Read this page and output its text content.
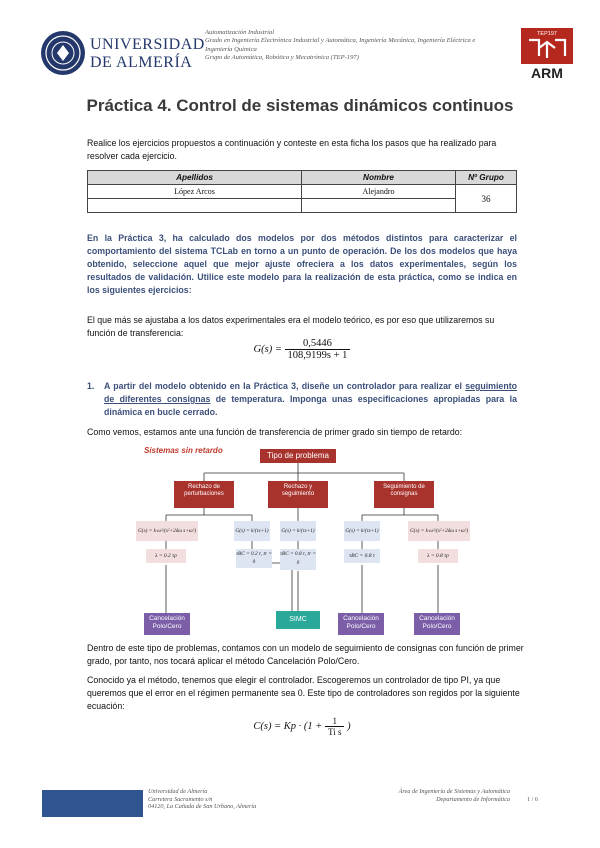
UNIVERSIDAD
DE ALMERÍA
Automatización Industrial
Grado en Ingeniería Electrónica Industrial y Automática, Ingeniería Mecánica, Ingeniería Eléctrica e
Ingeniería Química
Grupo de Automática, Robótica y Mecatrónica (TEP-197)
TEP197
ARM
Práctica 4. Control de sistemas dinámicos continuos
Realice los ejercicios propuestos a continuación y conteste en esta ficha los pasos que ha realizado para resolver cada ejercicio.
Apellidos	Nombre	Nº Grupo
López Arcos	Alejandro	36

En la Práctica 3, ha calculado dos modelos por dos métodos distintos para caracterizar el comportamiento del sistema TCLab en torno a un punto de operación. De los dos modelos que haya obtenido, seleccione aquel que mejor ajuste ofreciera a los datos experimentales, según los resultados de validación. Utilice este modelo para la realización de esta práctica, como se indica en los siguientes ejercicios:
El que más se ajustaba a los datos experimentales era el modelo teórico, es por eso que utilizaremos su función de transferencia:
$G(s) = \frac{0,5446}{108,9199s + 1}$
1.	A partir del modelo obtenido en la Práctica 3, diseñe un controlador para realizar el seguimiento de diferentes consignas de temperatura. Imponga unas especificaciones apropiadas para la dinámica en bucle cerrado.
Como vemos, estamos ante una función de transferencia de primer grado sin tiempo de retardo:
Sistemas sin retardo
Tipo de problema
Rechazo de perturbaciones
Rechazo y seguimiento
Seguimiento de consignas
G(s) = k·ω²/(s²+2δω s+ω²)	G(s) = k/(τs+1) G(s) = k/(τs+1)	G(s) = k/(τs+1)	G(s) = k·ω²/(s²+2δω s+ω²)
λ = 0.2 τp	τBC = 0.2 τ, tr = 0
τBC = 0.8 τ, tr = 0
τBC = 0.8 τ	λ = 0.8 τp
Cancelación Polo/Cero
SIMC	Cancelación Polo/Cero
Cancelación Polo/Cero
Dentro de este tipo de problemas, contamos con un modelo de seguimiento de consignas con función de primer grado, por tanto, nos tocará aplicar el método Cancelación Polo/Cero.
Conocido ya el método, tenemos que elegir el controlador. Escogeremos un controlador de tipo PI, ya que queremos que el error en el régimen permanente sea 0. Este tipo de controladores son regidos por la siguiente ecuación:
$C(s) = Kp \cdot (1 + \frac{1}{\text{Ti s}}$ )
Universidad de Almería
Carretera Sacramento s/n
04120, La Cañada de San Urbano, Almería
Área de Ingeniería de Sistemas y Automática
Departamento de Informática	1 / 6
